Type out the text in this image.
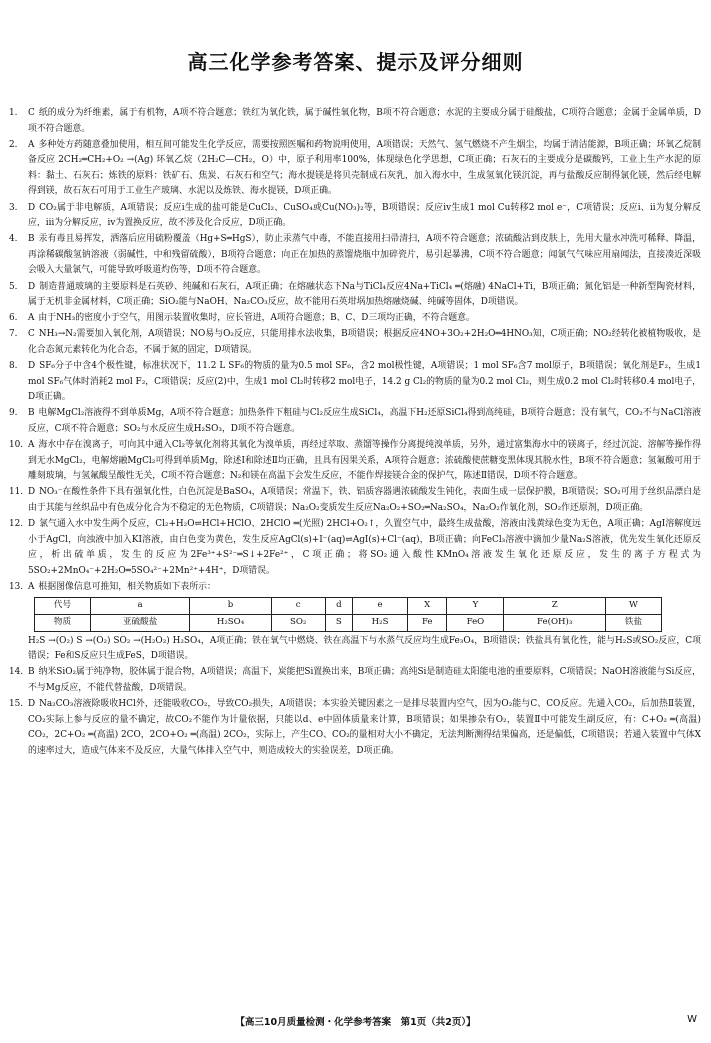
高三化学参考答案、提示及评分细则
1. C 纸的成分为纤维素，属于有机物，A项不符合题意；铁红为氧化铁，属于碱性氧化物，B项不符合题意；水泥的主要成分属于硅酸盐，C项符合题意；金属于金属单质，D项不符合题意。
2. A 多种处方药随意叠加使用，相互间可能发生化学反应，需要按照医嘱和药物说明使用，A项错误；天然气、氢气燃烧不产生烟尘，均属于清洁能源，B项正确；环氧乙烷制备反应 2CH₂═CH₂+O₂ →(Ag) 环氧乙烷（2H₂C—CH₂，O）中，原子利用率100%，体现绿色化学思想，C项正确；石灰石的主要成分是碳酸钙，工业上生产水泥的原料：黏土、石灰石；炼铁的原料：铁矿石、焦炭、石灰石和空气；海水提镁是将贝壳制成石灰乳，加入海水中，生成氢氧化镁沉淀，再与盐酸反应制得氯化镁，然后经电解得到镁，故石灰石可用于工业生产玻璃、水泥以及炼铁、海水提镁，D项正确。
3. D CO₂属于非电解质，A项错误；反应ⅰ生成的盐可能是CuCl₂、CuSO₄或Cu(NO₃)₂等，B项错误；反应ⅳ生成1 mol Cu转移2 mol e⁻，C项错误；反应ⅰ、ⅱ为复分解反应，ⅲ为分解反应，ⅳ为置换反应，故不涉及化合反应，D项正确。
4. B 汞有毒且易挥发，洒落后应用硫粉覆盖（Hg+S═HgS），防止汞蒸气中毒，不能直接用扫帚清扫，A项不符合题意；浓硫酸沾到皮肤上，先用大量水冲洗可稀释、降温，再涂稀碳酸氢钠溶液（弱碱性，中和残留硫酸），B项符合题意；向正在加热的蒸馏烧瓶中加碎瓷片，易引起暴沸，C项不符合题意；闻氯气气味应用扇闻法，直接凑近深吸会吸入大量氯气，可能导致呼吸道灼伤等，D项不符合题意。
5. D 制造普通玻璃的主要原料是石英砂、纯碱和石灰石，A项正确；在熔融状态下Na与TiCl₄反应4Na+TiCl₄ ═(熔融) 4NaCl+Ti，B项正确；氮化铝是一种新型陶瓷材料，属于无机非金属材料，C项正确；SiO₂能与NaOH、Na₂CO₃反应，故不能用石英坩埚加热熔融烧碱、纯碱等固体，D项错误。
6. A 由于NH₃的密度小于空气，用图示装置收集时，应长管进，A项符合题意；B、C、D三项均正确，不符合题意。
7. C NH₃→N₂需要加入氧化剂，A项错误；NO易与O₂反应，只能用排水法收集，B项错误；根据反应4NO+3O₂+2H₂O═4HNO₃知，C项正确；NO₂经转化被植物吸收，是化合态氮元素转化为化合态，不属于氮的固定，D项错误。
8. D SF₆分子中含4个极性键，标准状况下，11.2 L SF₆的物质的量为0.5 mol SF₆，含2 mol极性键，A项错误；1 mol SF₆含7 mol原子，B项错误；氧化剂是F₂，生成1 mol SF₆气体时消耗2 mol F₂，C项错误；反应(2)中，生成1 mol Cl₂时转移2 mol电子，14.2 g Cl₂的物质的量为0.2 mol Cl₂，则生成0.2 mol Cl₂时转移0.4 mol电子，D项正确。
9. B 电解MgCl₂溶液得不到单质Mg，A项不符合题意；加热条件下粗硅与Cl₂反应生成SiCl₄，高温下H₂还原SiCl₄得到高纯硅，B项符合题意；没有氧气，CO₂不与NaCl溶液反应，C项不符合题意；SO₂与水反应生成H₂SO₃，D项不符合题意。
10. A 海水中存在溴离子，可向其中通入Cl₂等氧化剂将其氧化为溴单质，再经过萃取、蒸馏等操作分离提纯溴单质，另外，通过富集海水中的镁离子，经过沉淀、溶解等操作得到无水MgCl₂，电解熔融MgCl₂可得到单质Mg，除述Ⅰ和除述Ⅱ均正确，且具有因果关系，A项符合题意；浓硫酸使蔗糖变黑体现其脱水性，B项不符合题意；氢氟酸可用于雕刻玻璃，与氢氟酸呈酸性无关，C项不符合题意；N₂和镁在高温下会发生反应，不能作焊接镁合金的保护气，陈述Ⅱ错误，D项不符合题意。
11. D NO₃⁻在酸性条件下具有强氧化性，白色沉淀是BaSO₄，A项错误；常温下，铁、铝质容器遇浓硫酸发生钝化，表面生成一层保护膜，B项错误；SO₂可用于丝织品漂白是由于其能与丝织品中有色成分化合为不稳定的无色物质，C项错误；Na₂O₂变质发生反应Na₂O₂+SO₂═Na₂SO₄，Na₂O₂作氧化剂，SO₂作还原剂，D项正确。
12. D 氯气通入水中发生两个反应，Cl₂+H₂O⇌HCl+HClO、2HClO ═(光照) 2HCl+O₂↑，久置空气中，最终生成盐酸，溶液由浅黄绿色变为无色，A项正确；AgI溶解度远小于AgCl，向浊液中加入KI溶液，由白色变为黄色，发生反应AgCl(s)+I⁻(aq)⇌AgI(s)+Cl⁻(aq)，B项正确；向FeCl₃溶液中滴加少量Na₂S溶液，优先发生氧化还原反应，析出硫单质，发生的反应为2Fe³⁺+S²⁻═S↓+2Fe²⁺，C项正确；将SO₂通入酸性KMnO₄溶液发生氧化还原反应，发生的离子方程式为5SO₂+2MnO₄⁻+2H₂O═5SO₄²⁻+2Mn²⁺+4H⁺，D项错误。
13. A 根据图像信息可推知，相关物质如下表所示：
代号	a	b	c	d	e	X	Y	Z	W
物质	亚硫酸盐	H₂SO₄	SO₂	S	H₂S	Fe	FeO	Fe(OH)₃	铁盐
H₂S →(O₂) S →(O₂) SO₂ →(H₂O₂) H₂SO₄，A项正确；铁在氧气中燃烧、铁在高温下与水蒸气反应均生成Fe₃O₄，B项错误；铁盐具有氧化性，能与H₂S或SO₂反应，C项错误；Fe和S反应只生成FeS，D项错误。
14. B 纳米SiO₂属于纯净物，胶体属于混合物，A项错误；高温下，炭能把Si置换出来，B项正确；高纯Si是制造硅太阳能电池的重要原料，C项错误；NaOH溶液能与Si反应，不与Mg反应，不能代替盐酸，D项错误。
15. D Na₂CO₃溶液除吸收HCl外，还能吸收CO₂，导致CO₂损失，A项错误；本实验关键因素之一是排尽装置内空气，因为O₂能与C、CO反应。先通入CO₂，后加热Ⅱ装置，CO₂实际上参与反应的量不确定，故CO₂不能作为计量依据，只能以d、e中固体质量来计算，B项错误；如果掺杂有O₂，装置Ⅱ中可能发生副反应，有：C+O₂ ═(高温) CO₂，2C+O₂ ═(高温) 2CO，2CO+O₂ ═(高温) 2CO₂，实际上，产生CO、CO₂的量相对大小不确定，无法判断测得结果偏高，还是偏低，C项错误；若通入装置中气体X的速率过大，造成气体来不及反应，大量气体排入空气中，则造成较大的实验误差，D项正确。
【高三10月质量检测・化学参考答案　第1页（共2页）】	W
